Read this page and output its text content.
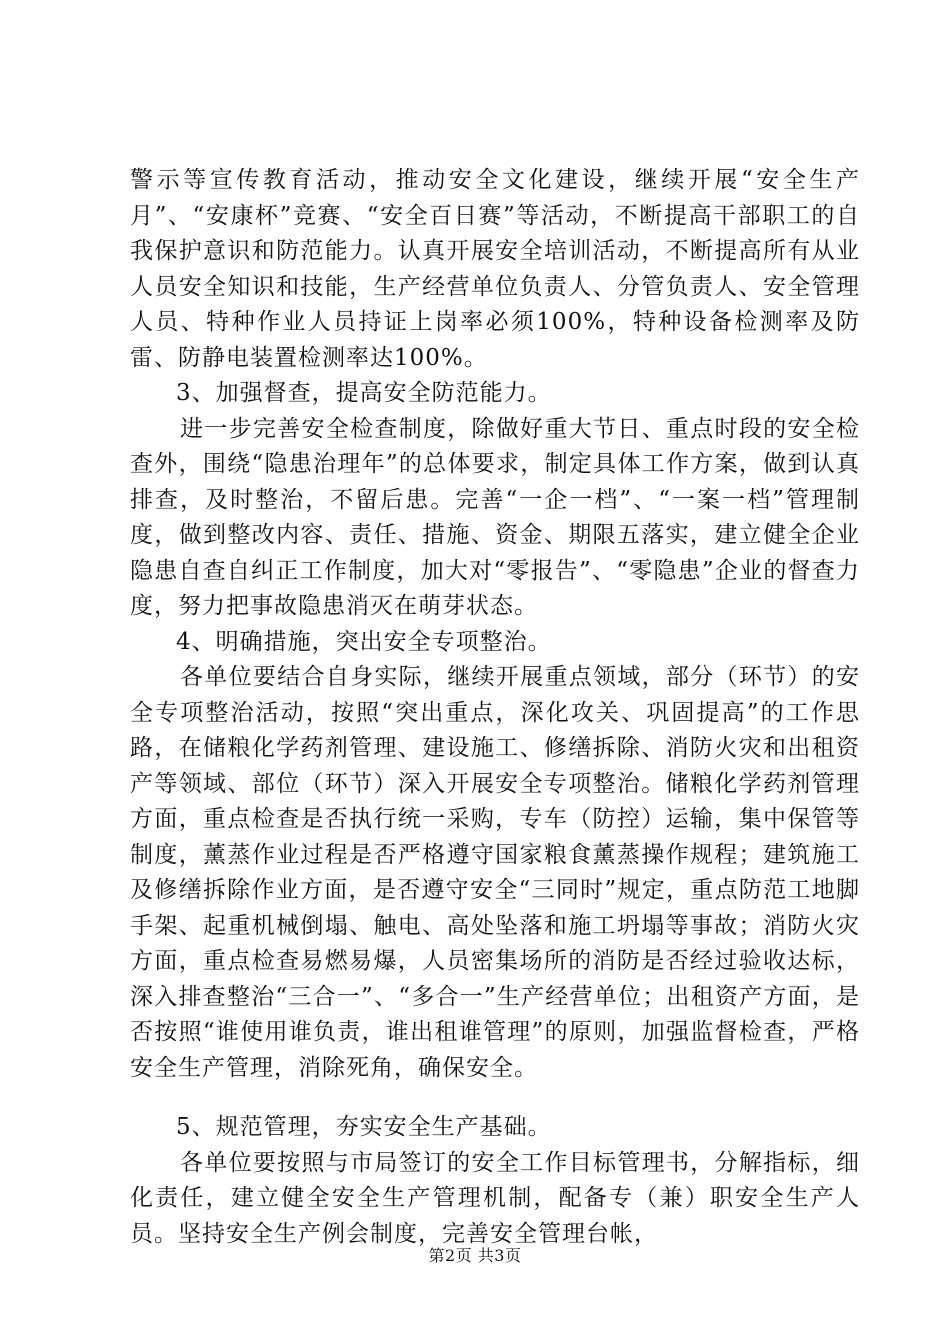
警示等宣传教育活动，推动安全文化建设，继续开展“安全生产月”、“安康杯”竞赛、“安全百日赛”等活动，不断提高干部职工的自我保护意识和防范能力。认真开展安全培训活动，不断提高所有从业人员安全知识和技能，生产经营单位负责人、分管负责人、安全管理人员、特种作业人员持证上岗率必须100%，特种设备检测率及防雷、防静电装置检测率达100%。

3、加强督查，提高安全防范能力。

进一步完善安全检查制度，除做好重大节日、重点时段的安全检查外，围绕“隐患治理年”的总体要求，制定具体工作方案，做到认真排查，及时整治，不留后患。完善“一企一档”、“一案一档”管理制度，做到整改内容、责任、措施、资金、期限五落实，建立健全企业隐患自查自纠正工作制度，加大对“零报告”、“零隐患”企业的督查力度，努力把事故隐患消灭在萌芽状态。

4、明确措施，突出安全专项整治。

各单位要结合自身实际，继续开展重点领域，部分（环节）的安全专项整治活动，按照“突出重点，深化攻关、巩固提高”的工作思路，在储粮化学药剂管理、建设施工、修缮拆除、消防火灾和出租资产等领域、部位（环节）深入开展安全专项整治。储粮化学药剂管理方面，重点检查是否执行统一采购，专车（防控）运输，集中保管等制度，薰蒸作业过程是否严格遵守国家粮食薰蒸操作规程；建筑施工及修缮拆除作业方面，是否遵守安全“三同时”规定，重点防范工地脚手架、起重机械倒塌、触电、高处坠落和施工坍塌等事故；消防火灾方面，重点检查易燃易爆，人员密集场所的消防是否经过验收达标，深入排查整治“三合一”、“多合一”生产经营单位；出租资产方面，是否按照“谁使用谁负责，谁出租谁管理”的原则，加强监督检查，严格安全生产管理，消除死角，确保安全。

5、规范管理，夯实安全生产基础。

各单位要按照与市局签订的安全工作目标管理书，分解指标，细化责任，建立健全安全生产管理机制，配备专（兼）职安全生产人员。坚持安全生产例会制度，完善安全管理台帐，

第2页 共3页
